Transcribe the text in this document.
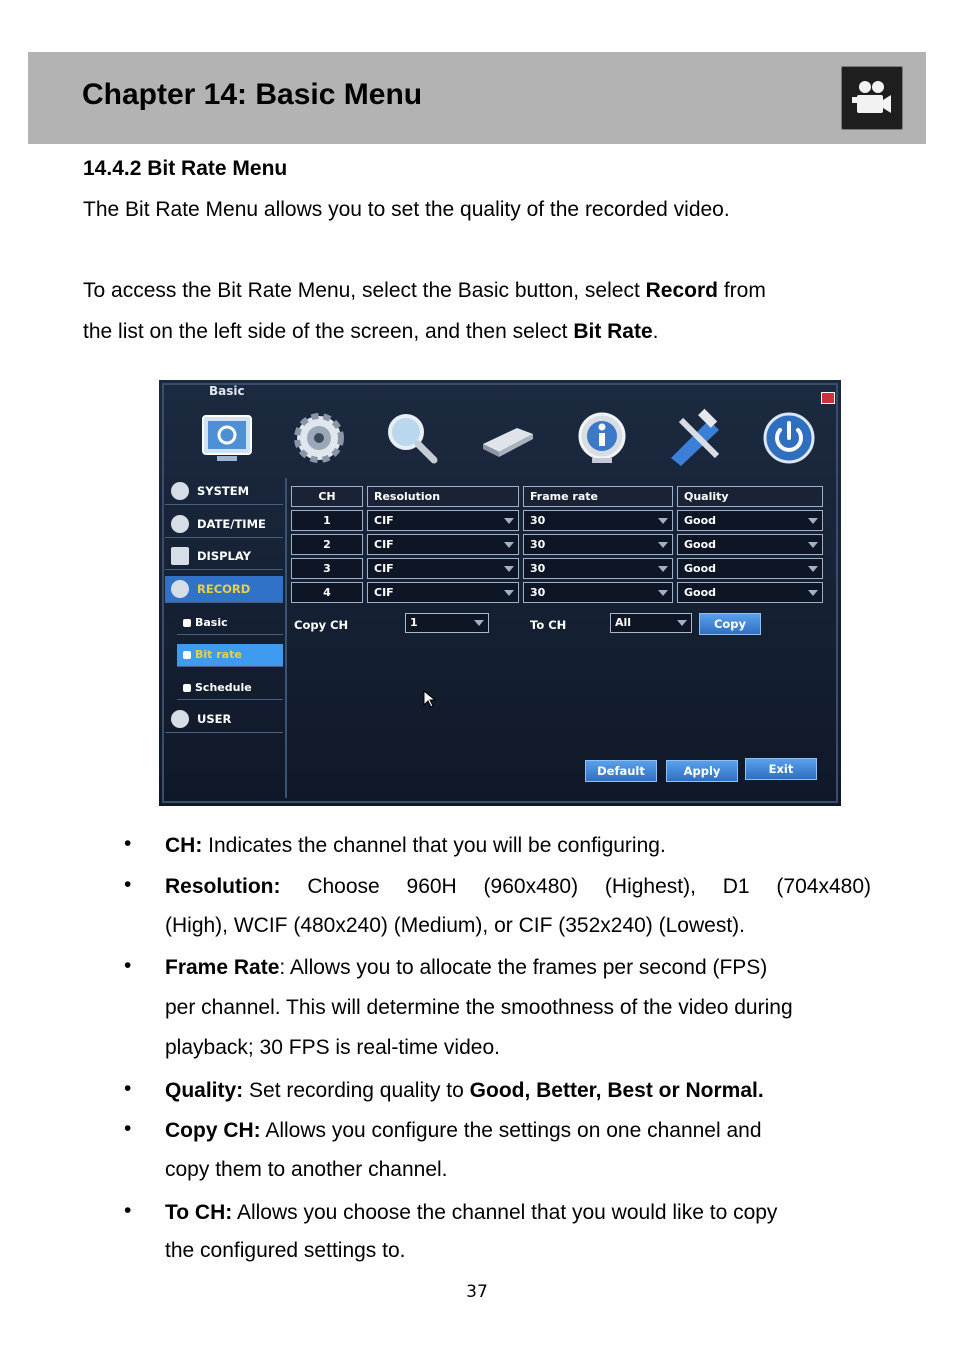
Chapter 14: Basic Menu
14.4.2 Bit Rate Menu

The Bit Rate Menu allows you to set the quality of the recorded video.

To access the Bit Rate Menu, select the Basic button, select Record from

the list on the left side of the screen, and then select Bit Rate.

Basic
SYSTEM
DATE/TIME
DISPLAY
RECORD
Basic
Bit rate
Schedule
USER
CH	Resolution	Frame rate	Quality
1	CIF	30	Good
2	CIF	30	Good
3	CIF	30	Good
4	CIF	30	Good
Copy CH	1	To CH	All	Copy
Default	Apply	Exit
• CH: Indicates the channel that you will be configuring.

• Resolution: Choose 960H (960x480) (Highest), D1 (704x480)

(High), WCIF (480x240) (Medium), or CIF (352x240) (Lowest).

• Frame Rate: Allows you to allocate the frames per second (FPS)

per channel. This will determine the smoothness of the video during

playback; 30 FPS is real-time video.

• Quality: Set recording quality to Good, Better, Best or Normal.

• Copy CH: Allows you configure the settings on one channel and

copy them to another channel.

• To CH: Allows you choose the channel that you would like to copy

the configured settings to.

37
